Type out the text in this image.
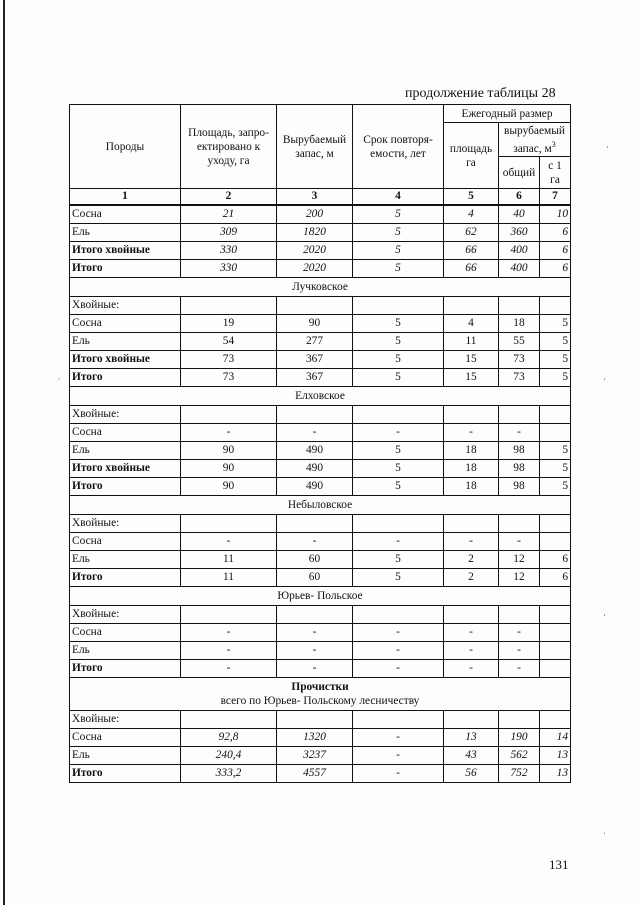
продолжение таблицы 28
ʻ
,	ʻ
ʻ
ʻ
Породы	Площадь, запро-ектировано к уходу, га	Вырубаемый запас, м	Срок повторя-емости, лет	Ежегодный размер		
				площадь га	вырубаемый запас, $м^3$
					общий	с 1 га
1	2	3	4	5	6	7
Сосна	21	200	5	4	40	10
Ель	309	1820	5	62	360	6
Итого хвойные	330	2020	5	66	400	6
Итого	330	2020	5	66	400	6
Лучковское						
Хвойные:						
Сосна	19	90	5	4	18	5
Ель	54	277	5	11	55	5
Итого хвойные	73	367	5	15	73	5
Итого	73	367	5	15	73	5
Елховское						
Хвойные:						
Сосна	-	-	-	-	-	
Ель	90	490	5	18	98	5
Итого хвойные	90	490	5	18	98	5
Итого	90	490	5	18	98	5
Небыловское						
Хвойные:						
Сосна	-	-	-	-	-	
Ель	11	60	5	2	12	6
Итого	11	60	5	2	12	6
Юрьев- Польское						
Хвойные:						
Сосна	-	-	-	-	-	
Ель	-	-	-	-	-	
Итого	-	-	-	-	-	

Прочистки
всего по Юрьев- Польскому лесничеству						

Хвойные:						
Сосна	92,8	1320	-	13	190	14
Ель	240,4	3237	-	43	562	13
Итого	333,2	4557	-	56	752	13
131
